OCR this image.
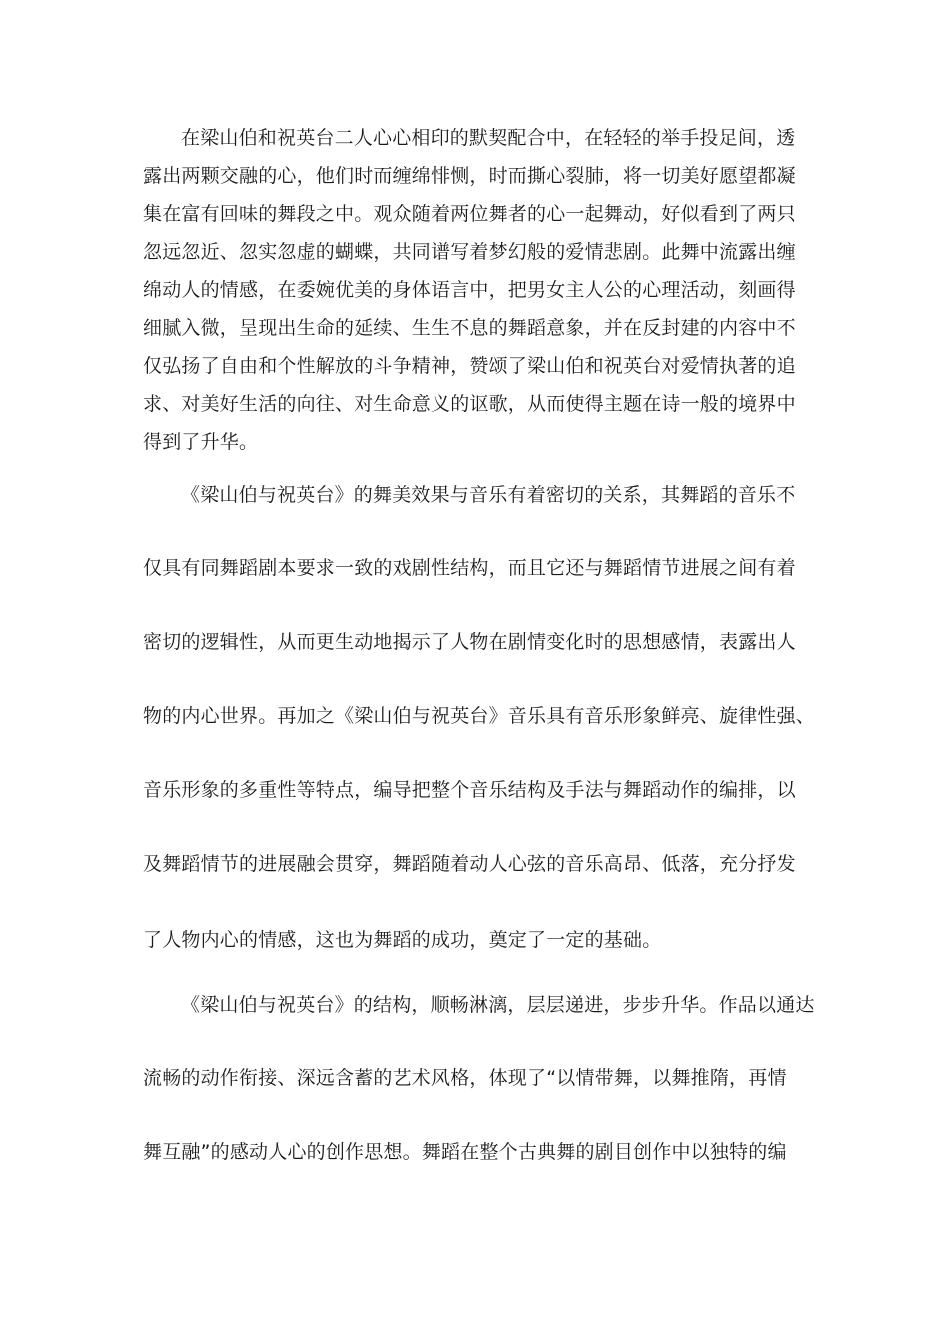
在梁山伯和祝英台二人心心相印的默契配合中，在轻轻的举手投足间，透

露出两颗交融的心，他们时而缠绵悱恻，时而撕心裂肺，将一切美好愿望都凝

集在富有回味的舞段之中。观众随着两位舞者的心一起舞动，好似看到了两只

忽远忽近、忽实忽虚的蝴蝶，共同谱写着梦幻般的爱情悲剧。此舞中流露出缠

绵动人的情感，在委婉优美的身体语言中，把男女主人公的心理活动，刻画得

细腻入微，呈现出生命的延续、生生不息的舞蹈意象，并在反封建的内容中不

仅弘扬了自由和个性解放的斗争精神，赞颂了梁山伯和祝英台对爱情执著的追

求、对美好生活的向往、对生命意义的讴歌，从而使得主题在诗一般的境界中

得到了升华。

《梁山伯与祝英台》的舞美效果与音乐有着密切的关系，其舞蹈的音乐不

仅具有同舞蹈剧本要求一致的戏剧性结构，而且它还与舞蹈情节进展之间有着

密切的逻辑性，从而更生动地揭示了人物在剧情变化时的思想感情，表露出人

物的内心世界。再加之《梁山伯与祝英台》音乐具有音乐形象鲜亮、旋律性强、

音乐形象的多重性等特点，编导把整个音乐结构及手法与舞蹈动作的编排，以

及舞蹈情节的进展融会贯穿，舞蹈随着动人心弦的音乐高昂、低落，充分抒发

了人物内心的情感，这也为舞蹈的成功，奠定了一定的基础。

《梁山伯与祝英台》的结构，顺畅淋漓，层层递进，步步升华。作品以通达

流畅的动作衔接、深远含蓄的艺术风格，体现了“以情带舞，以舞推隋，再情

舞互融”的感动人心的创作思想。舞蹈在整个古典舞的剧目创作中以独特的编
